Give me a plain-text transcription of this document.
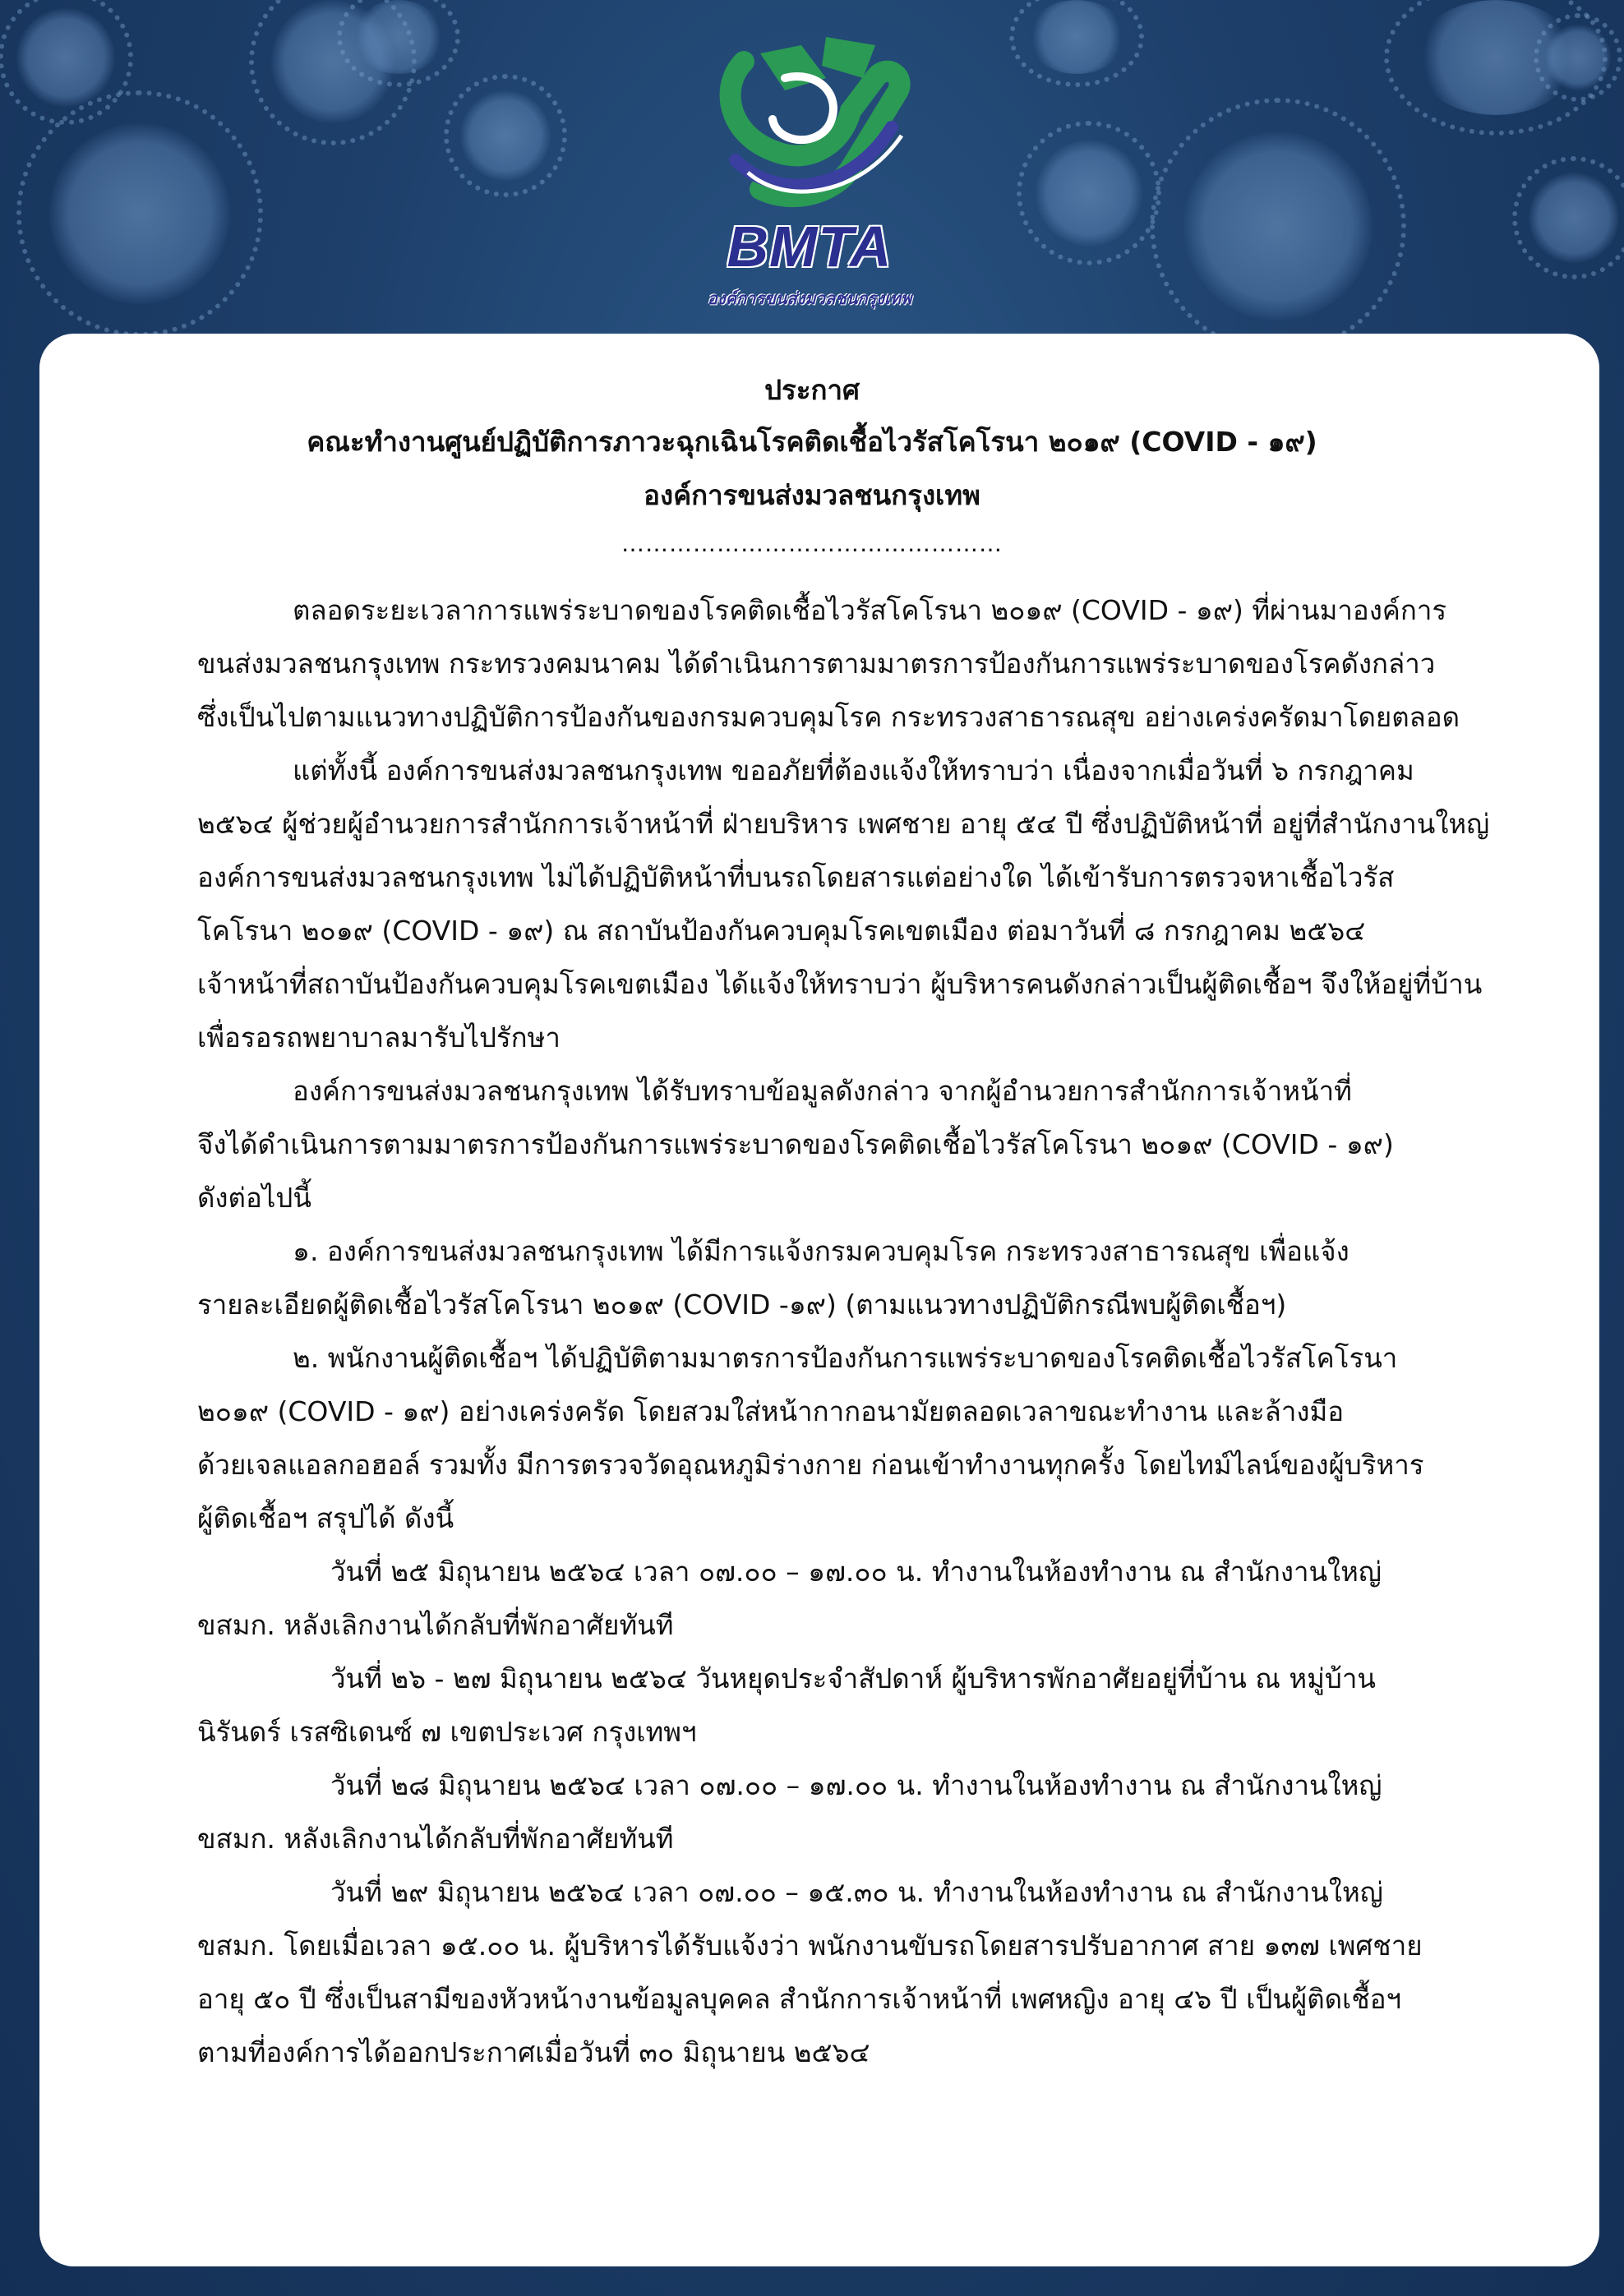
BMTA
องค์การขนส่งมวลชนกรุงเทพ
ประกาศ
คณะทำงานศูนย์ปฏิบัติการภาวะฉุกเฉินโรคติดเชื้อไวรัสโคโรนา ๒๐๑๙ (COVID - ๑๙)
องค์การขนส่งมวลชนกรุงเทพ
…………………………………………
ตลอดระยะเวลาการแพร่ระบาดของโรคติดเชื้อไวรัสโคโรนา ๒๐๑๙ (COVID - ๑๙) ที่ผ่านมาองค์การ
ขนส่งมวลชนกรุงเทพ กระทรวงคมนาคม ได้ดำเนินการตามมาตรการป้องกันการแพร่ระบาดของโรคดังกล่าว
ซึ่งเป็นไปตามแนวทางปฏิบัติการป้องกันของกรมควบคุมโรค กระทรวงสาธารณสุข อย่างเคร่งครัดมาโดยตลอด
แต่ทั้งนี้ องค์การขนส่งมวลชนกรุงเทพ ขออภัยที่ต้องแจ้งให้ทราบว่า เนื่องจากเมื่อวันที่ ๖ กรกฎาคม
๒๕๖๔ ผู้ช่วยผู้อำนวยการสำนักการเจ้าหน้าที่ ฝ่ายบริหาร เพศชาย อายุ ๕๔ ปี ซึ่งปฏิบัติหน้าที่ อยู่ที่สำนักงานใหญ่
องค์การขนส่งมวลชนกรุงเทพ ไม่ได้ปฏิบัติหน้าที่บนรถโดยสารแต่อย่างใด ได้เข้ารับการตรวจหาเชื้อไวรัส
โคโรนา ๒๐๑๙ (COVID - ๑๙) ณ สถาบันป้องกันควบคุมโรคเขตเมือง ต่อมาวันที่ ๘ กรกฎาคม ๒๕๖๔
เจ้าหน้าที่สถาบันป้องกันควบคุมโรคเขตเมือง ได้แจ้งให้ทราบว่า ผู้บริหารคนดังกล่าวเป็นผู้ติดเชื้อฯ จึงให้อยู่ที่บ้าน
เพื่อรอรถพยาบาลมารับไปรักษา
องค์การขนส่งมวลชนกรุงเทพ ได้รับทราบข้อมูลดังกล่าว จากผู้อำนวยการสำนักการเจ้าหน้าที่
จึงได้ดำเนินการตามมาตรการป้องกันการแพร่ระบาดของโรคติดเชื้อไวรัสโคโรนา ๒๐๑๙ (COVID - ๑๙)
ดังต่อไปนี้
๑. องค์การขนส่งมวลชนกรุงเทพ ได้มีการแจ้งกรมควบคุมโรค กระทรวงสาธารณสุข เพื่อแจ้ง
รายละเอียดผู้ติดเชื้อไวรัสโคโรนา ๒๐๑๙ (COVID -๑๙) (ตามแนวทางปฏิบัติกรณีพบผู้ติดเชื้อฯ)
๒. พนักงานผู้ติดเชื้อฯ ได้ปฏิบัติตามมาตรการป้องกันการแพร่ระบาดของโรคติดเชื้อไวรัสโคโรนา
๒๐๑๙ (COVID - ๑๙) อย่างเคร่งครัด โดยสวมใส่หน้ากากอนามัยตลอดเวลาขณะทำงาน และล้างมือ
ด้วยเจลแอลกอฮอล์ รวมทั้ง มีการตรวจวัดอุณหภูมิร่างกาย ก่อนเข้าทำงานทุกครั้ง โดยไทม์ไลน์ของผู้บริหาร
ผู้ติดเชื้อฯ สรุปได้ ดังนี้
วันที่ ๒๕ มิถุนายน ๒๕๖๔ เวลา ๐๗.๐๐ – ๑๗.๐๐ น. ทำงานในห้องทำงาน ณ สำนักงานใหญ่
ขสมก. หลังเลิกงานได้กลับที่พักอาศัยทันที
วันที่ ๒๖ - ๒๗ มิถุนายน ๒๕๖๔ วันหยุดประจำสัปดาห์ ผู้บริหารพักอาศัยอยู่ที่บ้าน ณ หมู่บ้าน
นิรันดร์ เรสซิเดนซ์ ๗ เขตประเวศ กรุงเทพฯ
วันที่ ๒๘ มิถุนายน ๒๕๖๔ เวลา ๐๗.๐๐ – ๑๗.๐๐ น. ทำงานในห้องทำงาน ณ สำนักงานใหญ่
ขสมก. หลังเลิกงานได้กลับที่พักอาศัยทันที
วันที่ ๒๙ มิถุนายน ๒๕๖๔ เวลา ๐๗.๐๐ – ๑๕.๓๐ น. ทำงานในห้องทำงาน ณ สำนักงานใหญ่
ขสมก. โดยเมื่อเวลา ๑๕.๐๐ น. ผู้บริหารได้รับแจ้งว่า พนักงานขับรถโดยสารปรับอากาศ สาย ๑๓๗ เพศชาย
อายุ ๕๐ ปี ซึ่งเป็นสามีของหัวหน้างานข้อมูลบุคคล สำนักการเจ้าหน้าที่ เพศหญิง อายุ ๔๖ ปี เป็นผู้ติดเชื้อฯ
ตามที่องค์การได้ออกประกาศเมื่อวันที่ ๓๐ มิถุนายน ๒๕๖๔
